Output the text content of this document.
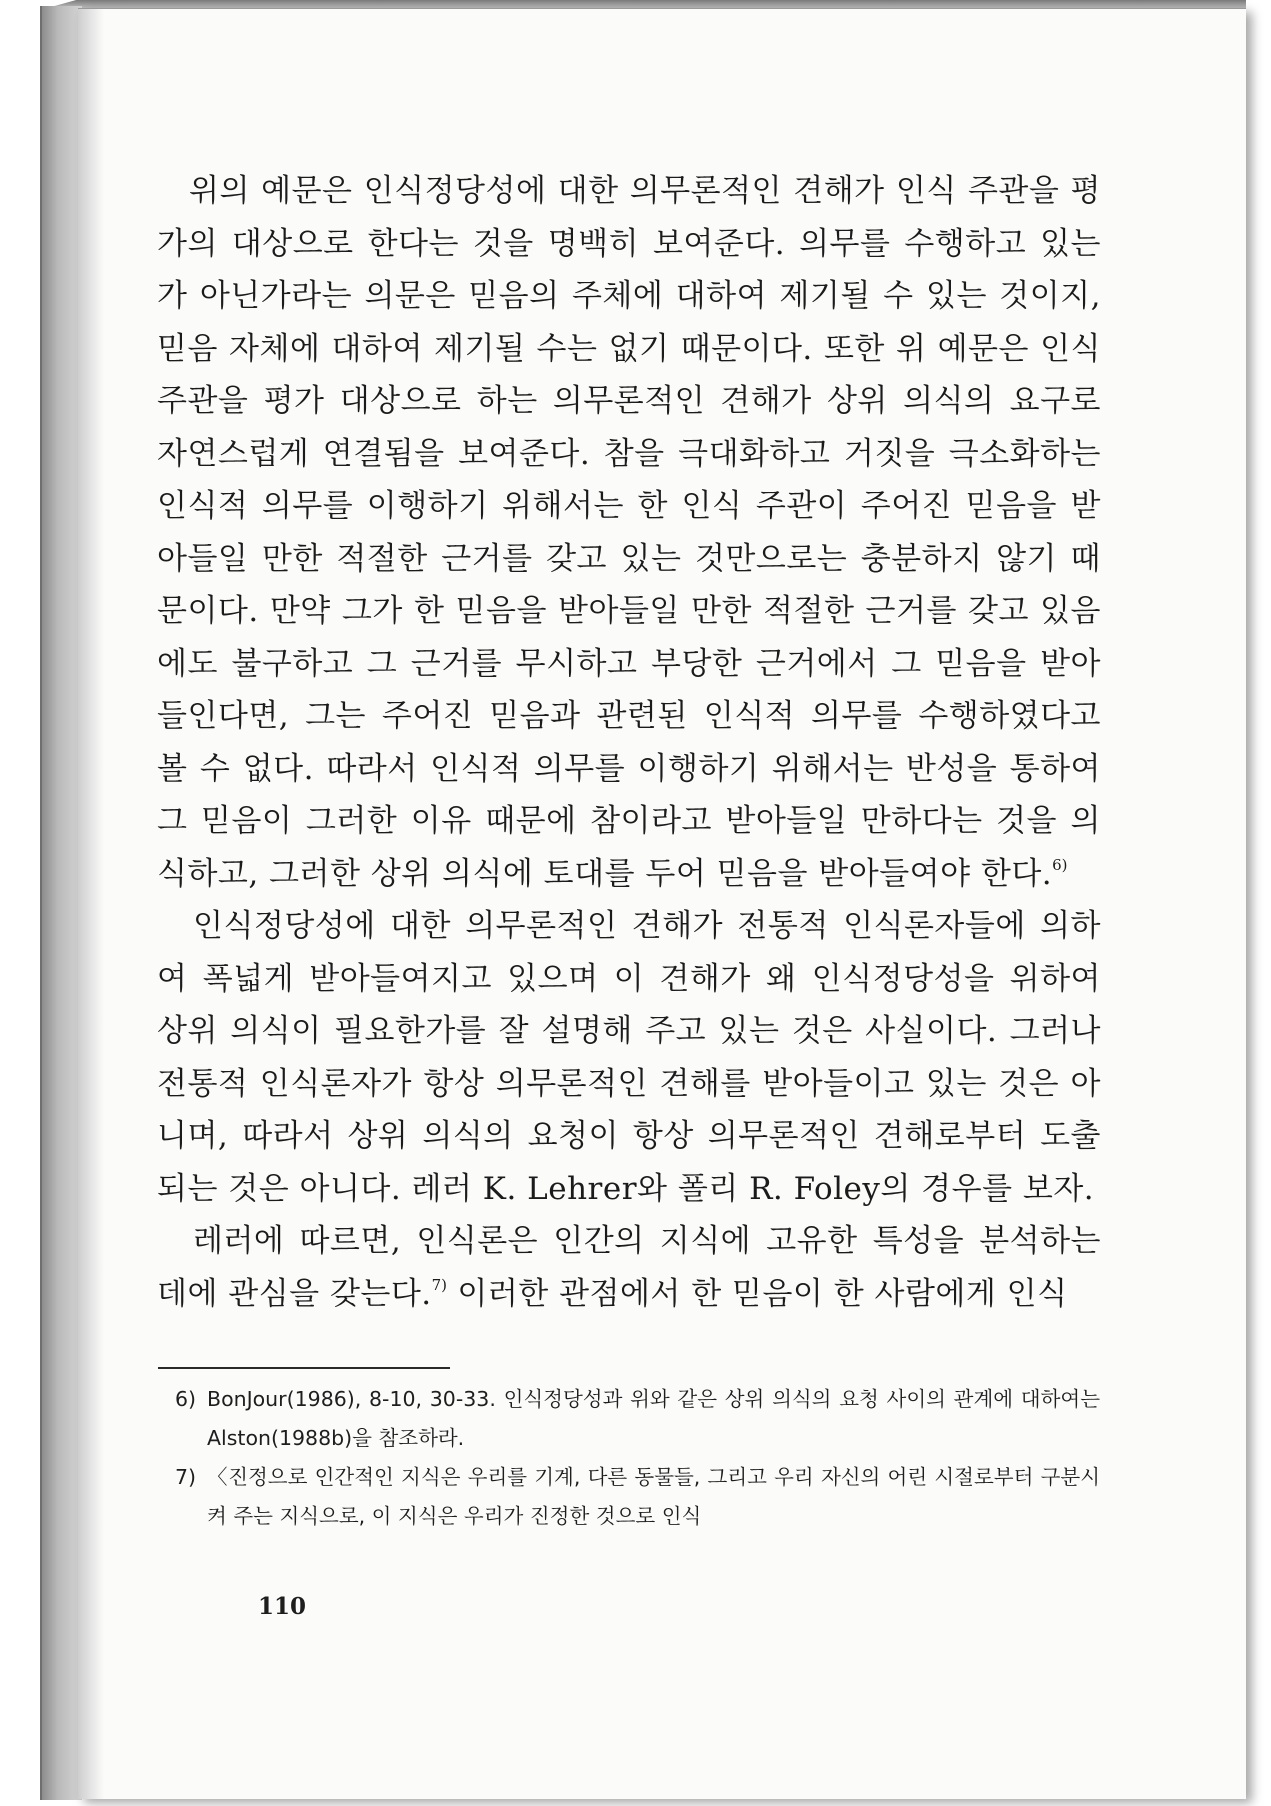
위의 예문은 인식정당성에 대한 의무론적인 견해가 인식 주관을 평가의 대상으로 한다는 것을 명백히 보여준다. 의무를 수행하고 있는가 아닌가라는 의문은 믿음의 주체에 대하여 제기될 수 있는 것이지, 믿음 자체에 대하여 제기될 수는 없기 때문이다. 또한 위 예문은 인식 주관을 평가 대상으로 하는 의무론적인 견해가 상위 의식의 요구로 자연스럽게 연결됨을 보여준다. 참을 극대화하고 거짓을 극소화하는 인식적 의무를 이행하기 위해서는 한 인식 주관이 주어진 믿음을 받아들일 만한 적절한 근거를 갖고 있는 것만으로는 충분하지 않기 때문이다. 만약 그가 한 믿음을 받아들일 만한 적절한 근거를 갖고 있음에도 불구하고 그 근거를 무시하고 부당한 근거에서 그 믿음을 받아들인다면, 그는 주어진 믿음과 관련된 인식적 의무를 수행하였다고 볼 수 없다. 따라서 인식적 의무를 이행하기 위해서는 반성을 통하여 그 믿음이 그러한 이유 때문에 참이라고 받아들일 만하다는 것을 의식하고, 그러한 상위 의식에 토대를 두어 믿음을 받아들여야 한다.$^{6)}$

인식정당성에 대한 의무론적인 견해가 전통적 인식론자들에 의하여 폭넓게 받아들여지고 있으며 이 견해가 왜 인식정당성을 위하여 상위 의식이 필요한가를 잘 설명해 주고 있는 것은 사실이다. 그러나 전통적 인식론자가 항상 의무론적인 견해를 받아들이고 있는 것은 아니며, 따라서 상위 의식의 요청이 항상 의무론적인 견해로부터 도출되는 것은 아니다. 레러 K. Lehrer와 폴리 R. Foley의 경우를 보자.

레러에 따르면, 인식론은 인간의 지식에 고유한 특성을 분석하는 데에 관심을 갖는다.$^{7)}$ 이러한 관점에서 한 믿음이 한 사람에게 인식

6) BonJour(1986), 8-10, 30-33. 인식정당성과 위와 같은 상위 의식의 요청 사이의 관계에 대하여는 Alston(1988b)을 참조하라.

7) 〈진정으로 인간적인 지식은 우리를 기계, 다른 동물들, 그리고 우리 자신의 어린 시절로부터 구분시켜 주는 지식으로, 이 지식은 우리가 진정한 것으로 인식

110
